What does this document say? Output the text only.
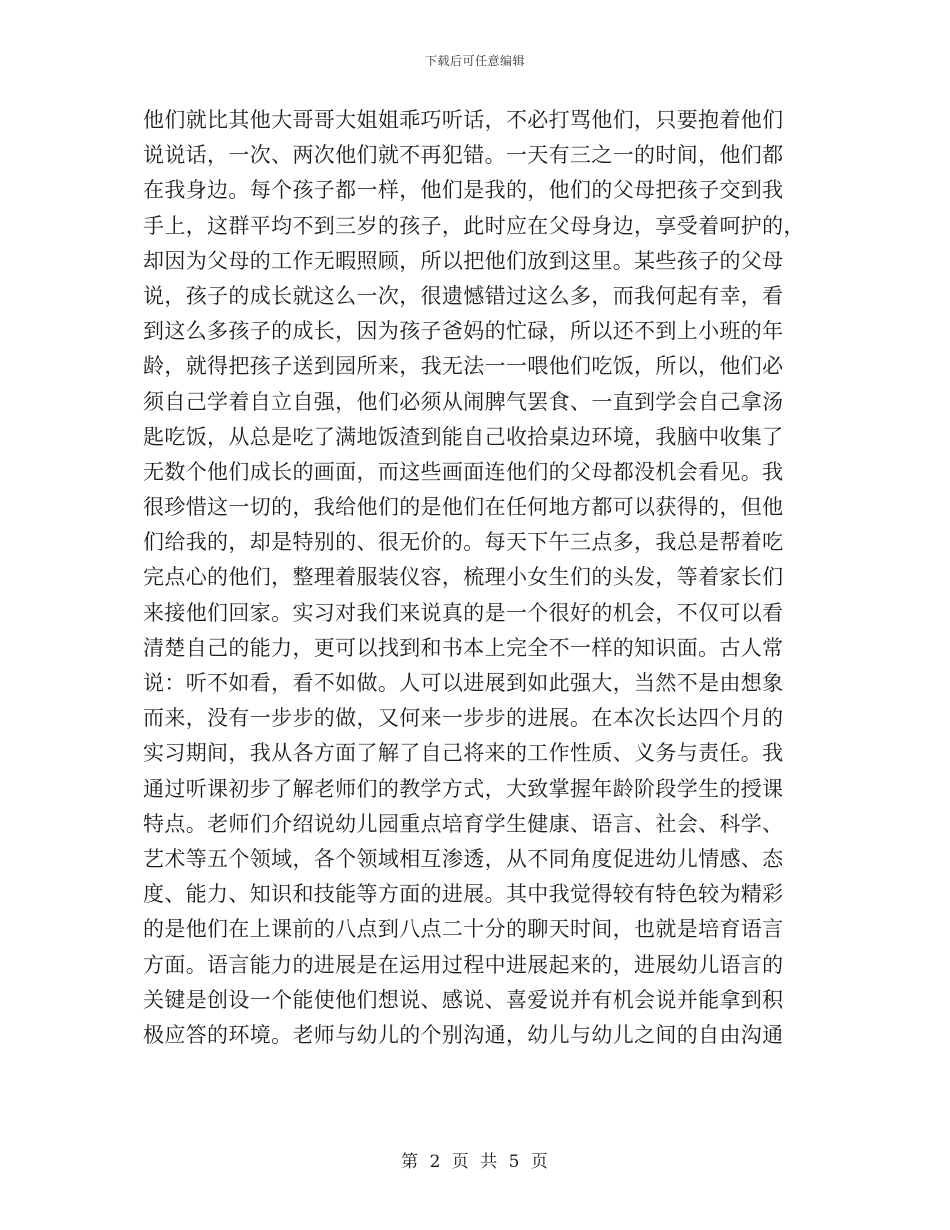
下载后可任意编辑
他们就比其他大哥哥大姐姐乖巧听话，不必打骂他们，只要抱着他们
说说话，一次、两次他们就不再犯错。一天有三之一的时间，他们都
在我身边。每个孩子都一样，他们是我的，他们的父母把孩子交到我
手上，这群平均不到三岁的孩子，此时应在父母身边，享受着呵护的，
却因为父母的工作无暇照顾，所以把他们放到这里。某些孩子的父母
说，孩子的成长就这么一次，很遗憾错过这么多，而我何起有幸，看
到这么多孩子的成长，因为孩子爸妈的忙碌，所以还不到上小班的年
龄，就得把孩子送到园所来，我无法一一喂他们吃饭，所以，他们必
须自己学着自立自强，他们必须从闹脾气罢食、一直到学会自己拿汤
匙吃饭，从总是吃了满地饭渣到能自己收拾桌边环境，我脑中收集了
无数个他们成长的画面，而这些画面连他们的父母都没机会看见。我
很珍惜这一切的，我给他们的是他们在任何地方都可以获得的，但他
们给我的，却是特别的、很无价的。每天下午三点多，我总是帮着吃
完点心的他们，整理着服装仪容，梳理小女生们的头发，等着家长们
来接他们回家。实习对我们来说真的是一个很好的机会，不仅可以看
清楚自己的能力，更可以找到和书本上完全不一样的知识面。古人常
说：听不如看，看不如做。人可以进展到如此强大，当然不是由想象
而来，没有一步步的做，又何来一步步的进展。在本次长达四个月的
实习期间，我从各方面了解了自己将来的工作性质、义务与责任。我
通过听课初步了解老师们的教学方式，大致掌握年龄阶段学生的授课
特点。老师们介绍说幼儿园重点培育学生健康、语言、社会、科学、
艺术等五个领域，各个领域相互渗透，从不同角度促进幼儿情感、态
度、能力、知识和技能等方面的进展。其中我觉得较有特色较为精彩
的是他们在上课前的八点到八点二十分的聊天时间，也就是培育语言
方面。语言能力的进展是在运用过程中进展起来的，进展幼儿语言的
关键是创设一个能使他们想说、感说、喜爱说并有机会说并能拿到积
极应答的环境。老师与幼儿的个别沟通，幼儿与幼儿之间的自由沟通
第 2 页 共 5 页
